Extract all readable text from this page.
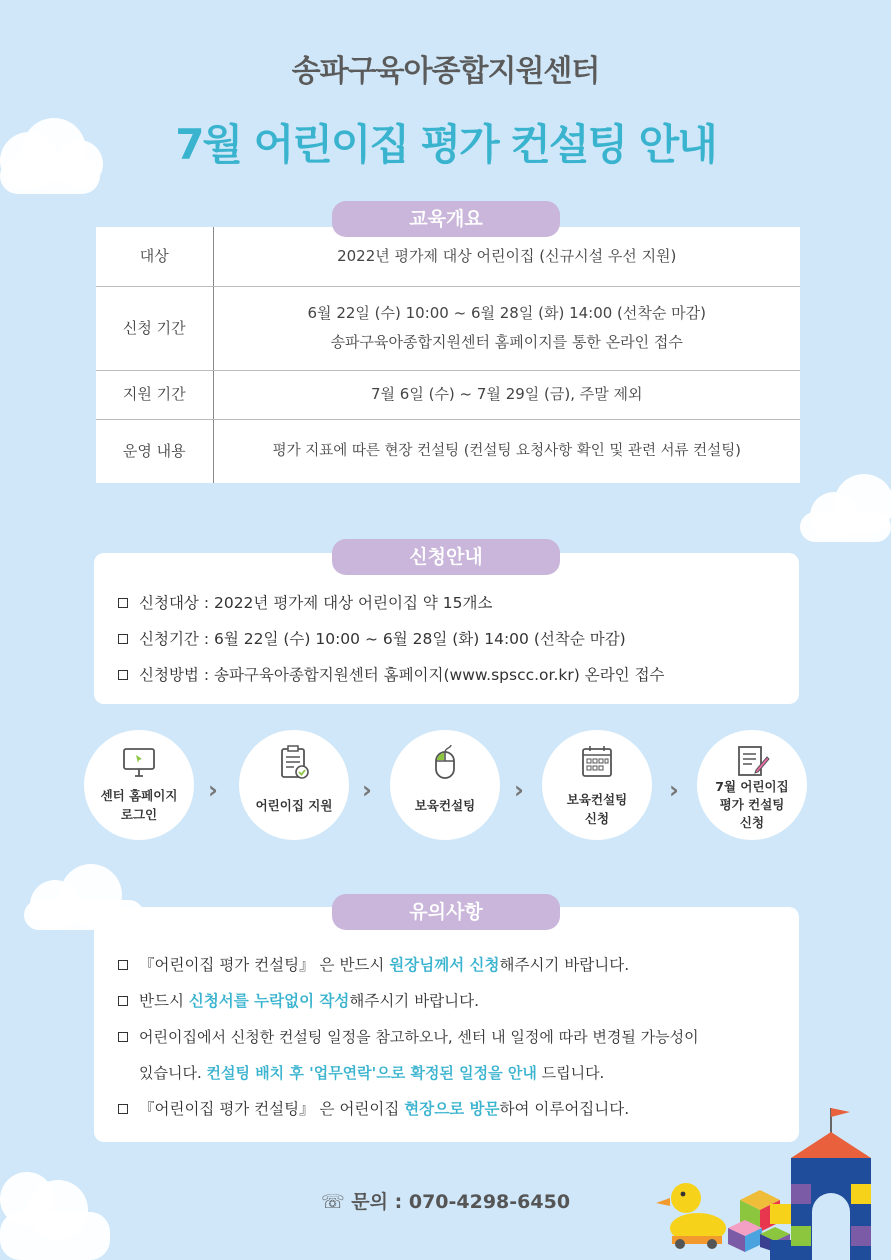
송파구육아종합지원센터
7월 어린이집 평가 컨설팅 안내
대상	2022년 평가제 대상 어린이집 (신규시설 우선 지원)
신청 기간	6월 22일 (수) 10:00 ~ 6월 28일 (화) 14:00 (선착순 마감)
송파구육아종합지원센터 홈페이지를 통한 온라인 접수

지원 기간	7월 6일 (수) ~ 7월 29일 (금), 주말 제외
운영 내용	평가 지표에 따른 현장 컨설팅 (컨설팅 요청사항 확인 및 관련 서류 컨설팅)
교육개요
신청대상 : 2022년 평가제 대상 어린이집 약 15개소
신청기간 : 6월 22일 (수) 10:00 ~ 6월 28일 (화) 14:00 (선착순 마감)
신청방법 : 송파구육아종합지원센터 홈페이지(www.spscc.or.kr) 온라인 접수
신청안내
센터 홈페이지
로그인
›
어린이집 지원
›
보육컨설팅
›	보육컨설팅
신청
›	7월 어린이집
평가 컨설팅
신청
『어린이집 평가 컨설팅』 은 반드시 원장님께서 신청해주시기 바랍니다.
반드시 신청서를 누락없이 작성해주시기 바랍니다.
어린이집에서 신청한 컨설팅 일정을 참고하오나, 센터 내 일정에 따라 변경될 가능성이
있습니다. 컨설팅 배치 후 '업무연락'으로 확정된 일정을 안내 드립니다.
『어린이집 평가 컨설팅』 은 어린이집 현장으로 방문하여 이루어집니다.
유의사항
☏ 문의 : 070-4298-6450
